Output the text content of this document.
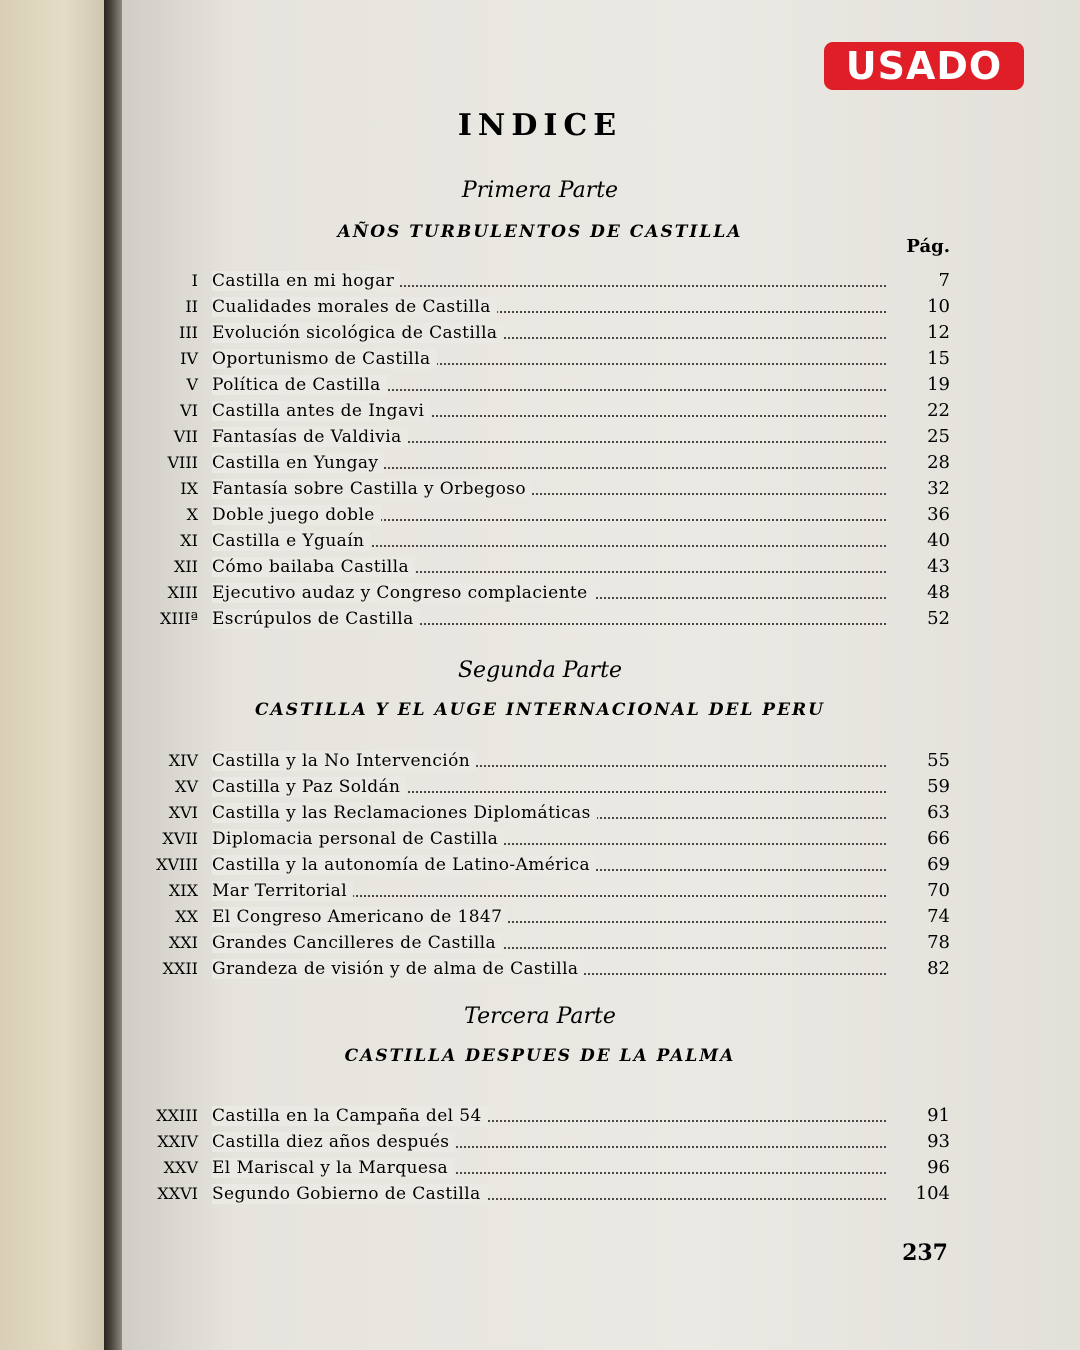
USADO
INDICE
Primera Parte
AÑOS TURBULENTOS DE CASTILLA
Pág.
I Castilla en mi hogar	7
II Cualidades morales de Castilla	10
III Evolución sicológica de Castilla	12
IV Oportunismo de Castilla	15
V Política de Castilla	19
VI Castilla antes de Ingavi	22
VII Fantasías de Valdivia	25
VIII Castilla en Yungay	28
IX Fantasía sobre Castilla y Orbegoso	32
X Doble juego doble	36
XI Castilla e Yguaín	40
XII Cómo bailaba Castilla	43
XIII Ejecutivo audaz y Congreso complaciente	48
XIIIª Escrúpulos de Castilla	52
Segunda Parte
CASTILLA Y EL AUGE INTERNACIONAL DEL PERU
XIV Castilla y la No Intervención	55
XV Castilla y Paz Soldán	59
XVI Castilla y las Reclamaciones Diplomáticas	63
XVII Diplomacia personal de Castilla	66
XVIII Castilla y la autonomía de Latino-América	69
XIX Mar Territorial	70
XX El Congreso Americano de 1847	74
XXI Grandes Cancilleres de Castilla	78
XXII Grandeza de visión y de alma de Castilla	82
Tercera Parte
CASTILLA DESPUES DE LA PALMA
XXIII Castilla en la Campaña del 54	91
XXIV Castilla diez años después	93
XXV El Mariscal y la Marquesa	96
XXVI Segundo Gobierno de Castilla	104
237
